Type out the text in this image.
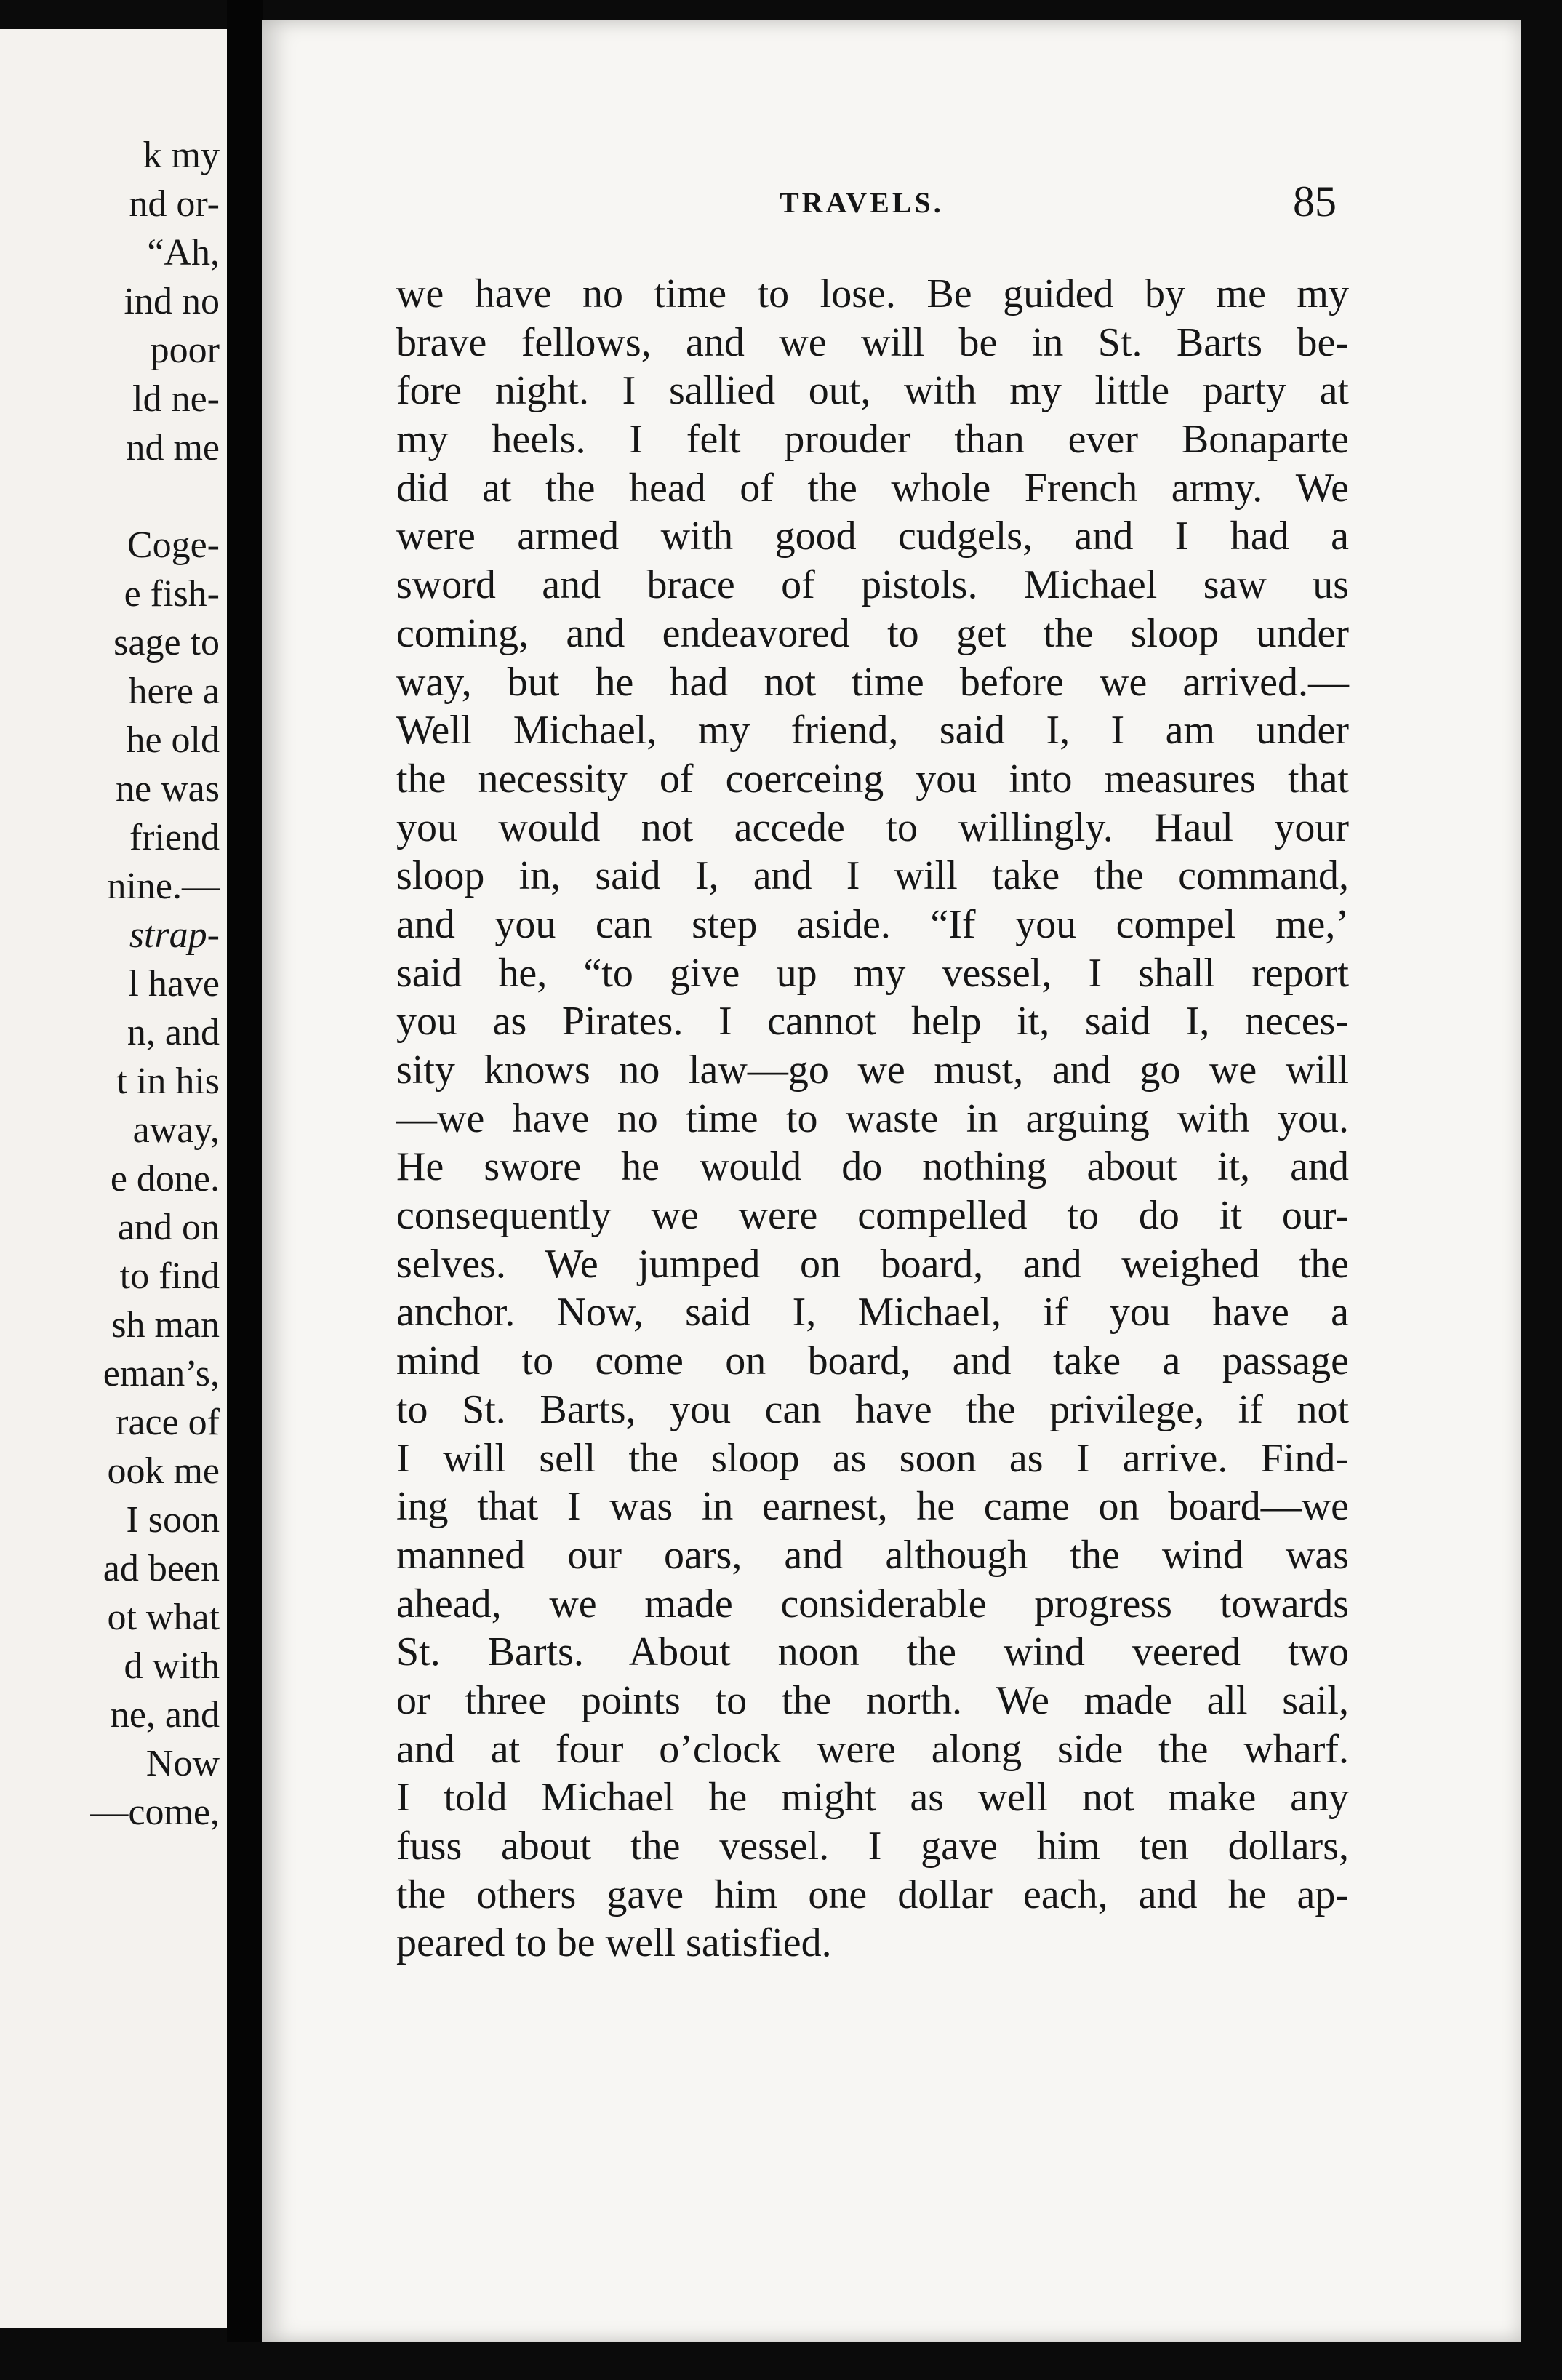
k my
nd or-
“Ah,
ind no
poor
ld ne-
nd me
Coge-
e fish-
sage to
here a
he old
ne was
friend
nine.—
strap-
l have
n, and
t in his
away,
e done.
and on
to find
sh man
eman’s,
race of
ook me
I soon
ad been
ot what
d with
ne, and
Now
—come,
TRAVELS.	85
we have no time to lose. Be guided by me my
brave fellows, and we will be in St. Barts be-
fore night. I sallied out, with my little party at
my heels. I felt prouder than ever Bonaparte
did at the head of the whole French army. We
were armed with good cudgels, and I had a
sword and brace of pistols. Michael saw us
coming, and endeavored to get the sloop under
way, but he had not time before we arrived.—
Well Michael, my friend, said I, I am under
the necessity of coerceing you into measures that
you would not accede to willingly. Haul your
sloop in, said I, and I will take the command,
and you can step aside. “If you compel me,’
said he, “to give up my vessel, I shall report
you as Pirates. I cannot help it, said I, neces-
sity knows no law—go we must, and go we will
—we have no time to waste in arguing with you.
He swore he would do nothing about it, and
consequently we were compelled to do it our-
selves. We jumped on board, and weighed the
anchor. Now, said I, Michael, if you have a
mind to come on board, and take a passage
to St. Barts, you can have the privilege, if not
I will sell the sloop as soon as I arrive. Find-
ing that I was in earnest, he came on board—we
manned our oars, and although the wind was
ahead, we made considerable progress towards
St. Barts. About noon the wind veered two
or three points to the north. We made all sail,
and at four o’clock were along side the wharf.
I told Michael he might as well not make any
fuss about the vessel. I gave him ten dollars,
the others gave him one dollar each, and he ap-
peared to be well satisfied.
